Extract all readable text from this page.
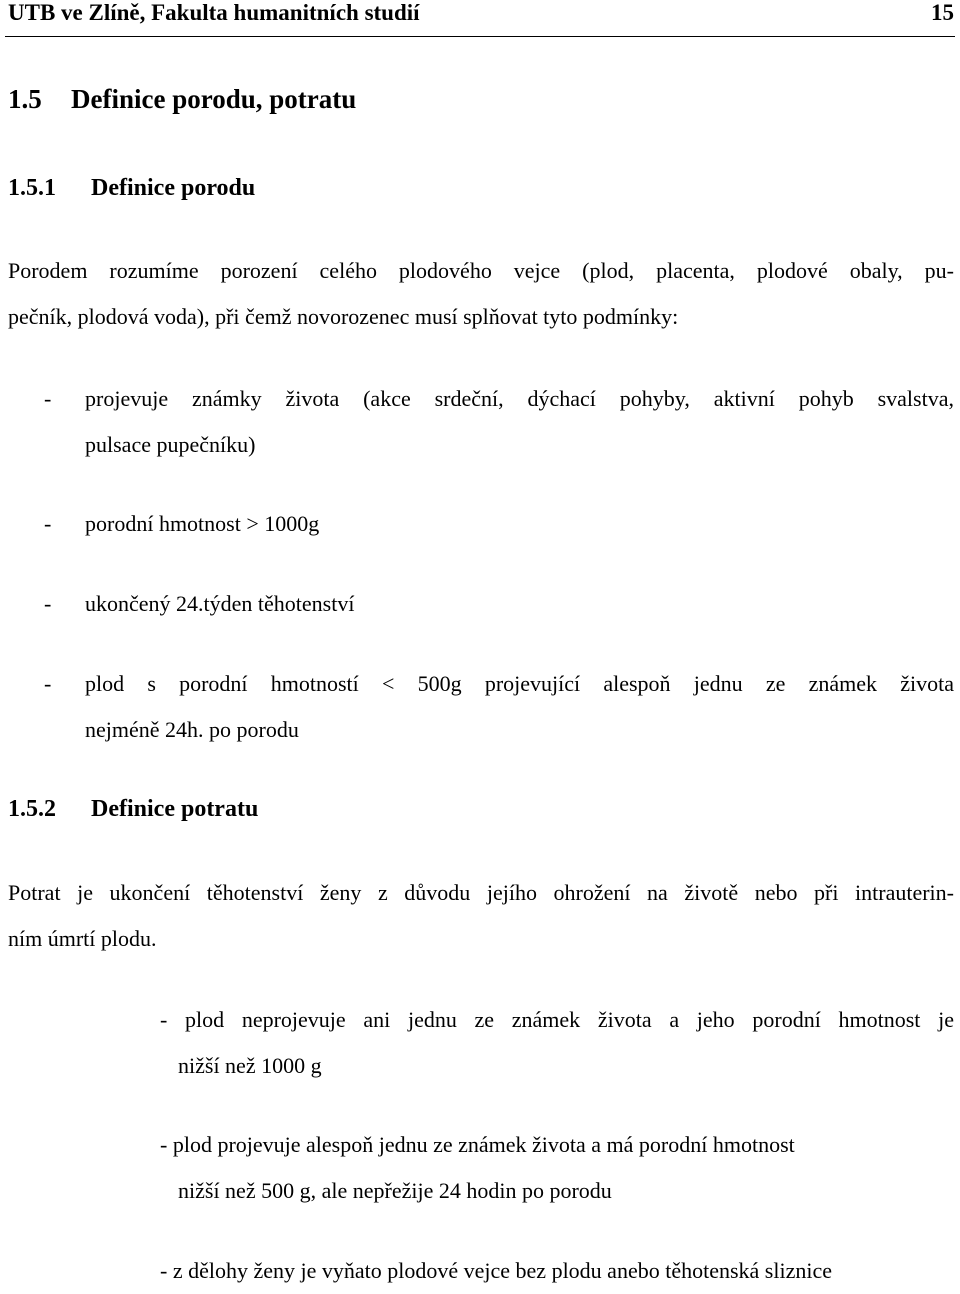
UTB ve Zlíně, Fakulta humanitních studií	15
1.5 Definice porodu, potratu
1.5.1 Definice porodu
Porodem rozumíme porození celého plodového vejce (plod, placenta, plodové obaly, pu-
pečník, plodová voda), při čemž novorozenec musí splňovat tyto podmínky:
- projevuje známky života (akce srdeční, dýchací pohyby, aktivní pohyb svalstva,
pulsace pupečníku)
- porodní hmotnost > 1000g
- ukončený 24.týden těhotenství
- plod s porodní hmotností < 500g projevující alespoň jednu ze známek života
nejméně 24h. po porodu
1.5.2 Definice potratu
Potrat je ukončení těhotenství ženy z důvodu jejího ohrožení na životě nebo při intrauterin-
ním úmrtí plodu.
- plod neprojevuje ani jednu ze známek života a jeho porodní hmotnost je
nižší než 1000 g
- plod projevuje alespoň jednu ze známek života a má porodní hmotnost
nižší než 500 g, ale nepřežije 24 hodin po porodu
- z dělohy ženy je vyňato plodové vejce bez plodu anebo těhotenská sliznice
